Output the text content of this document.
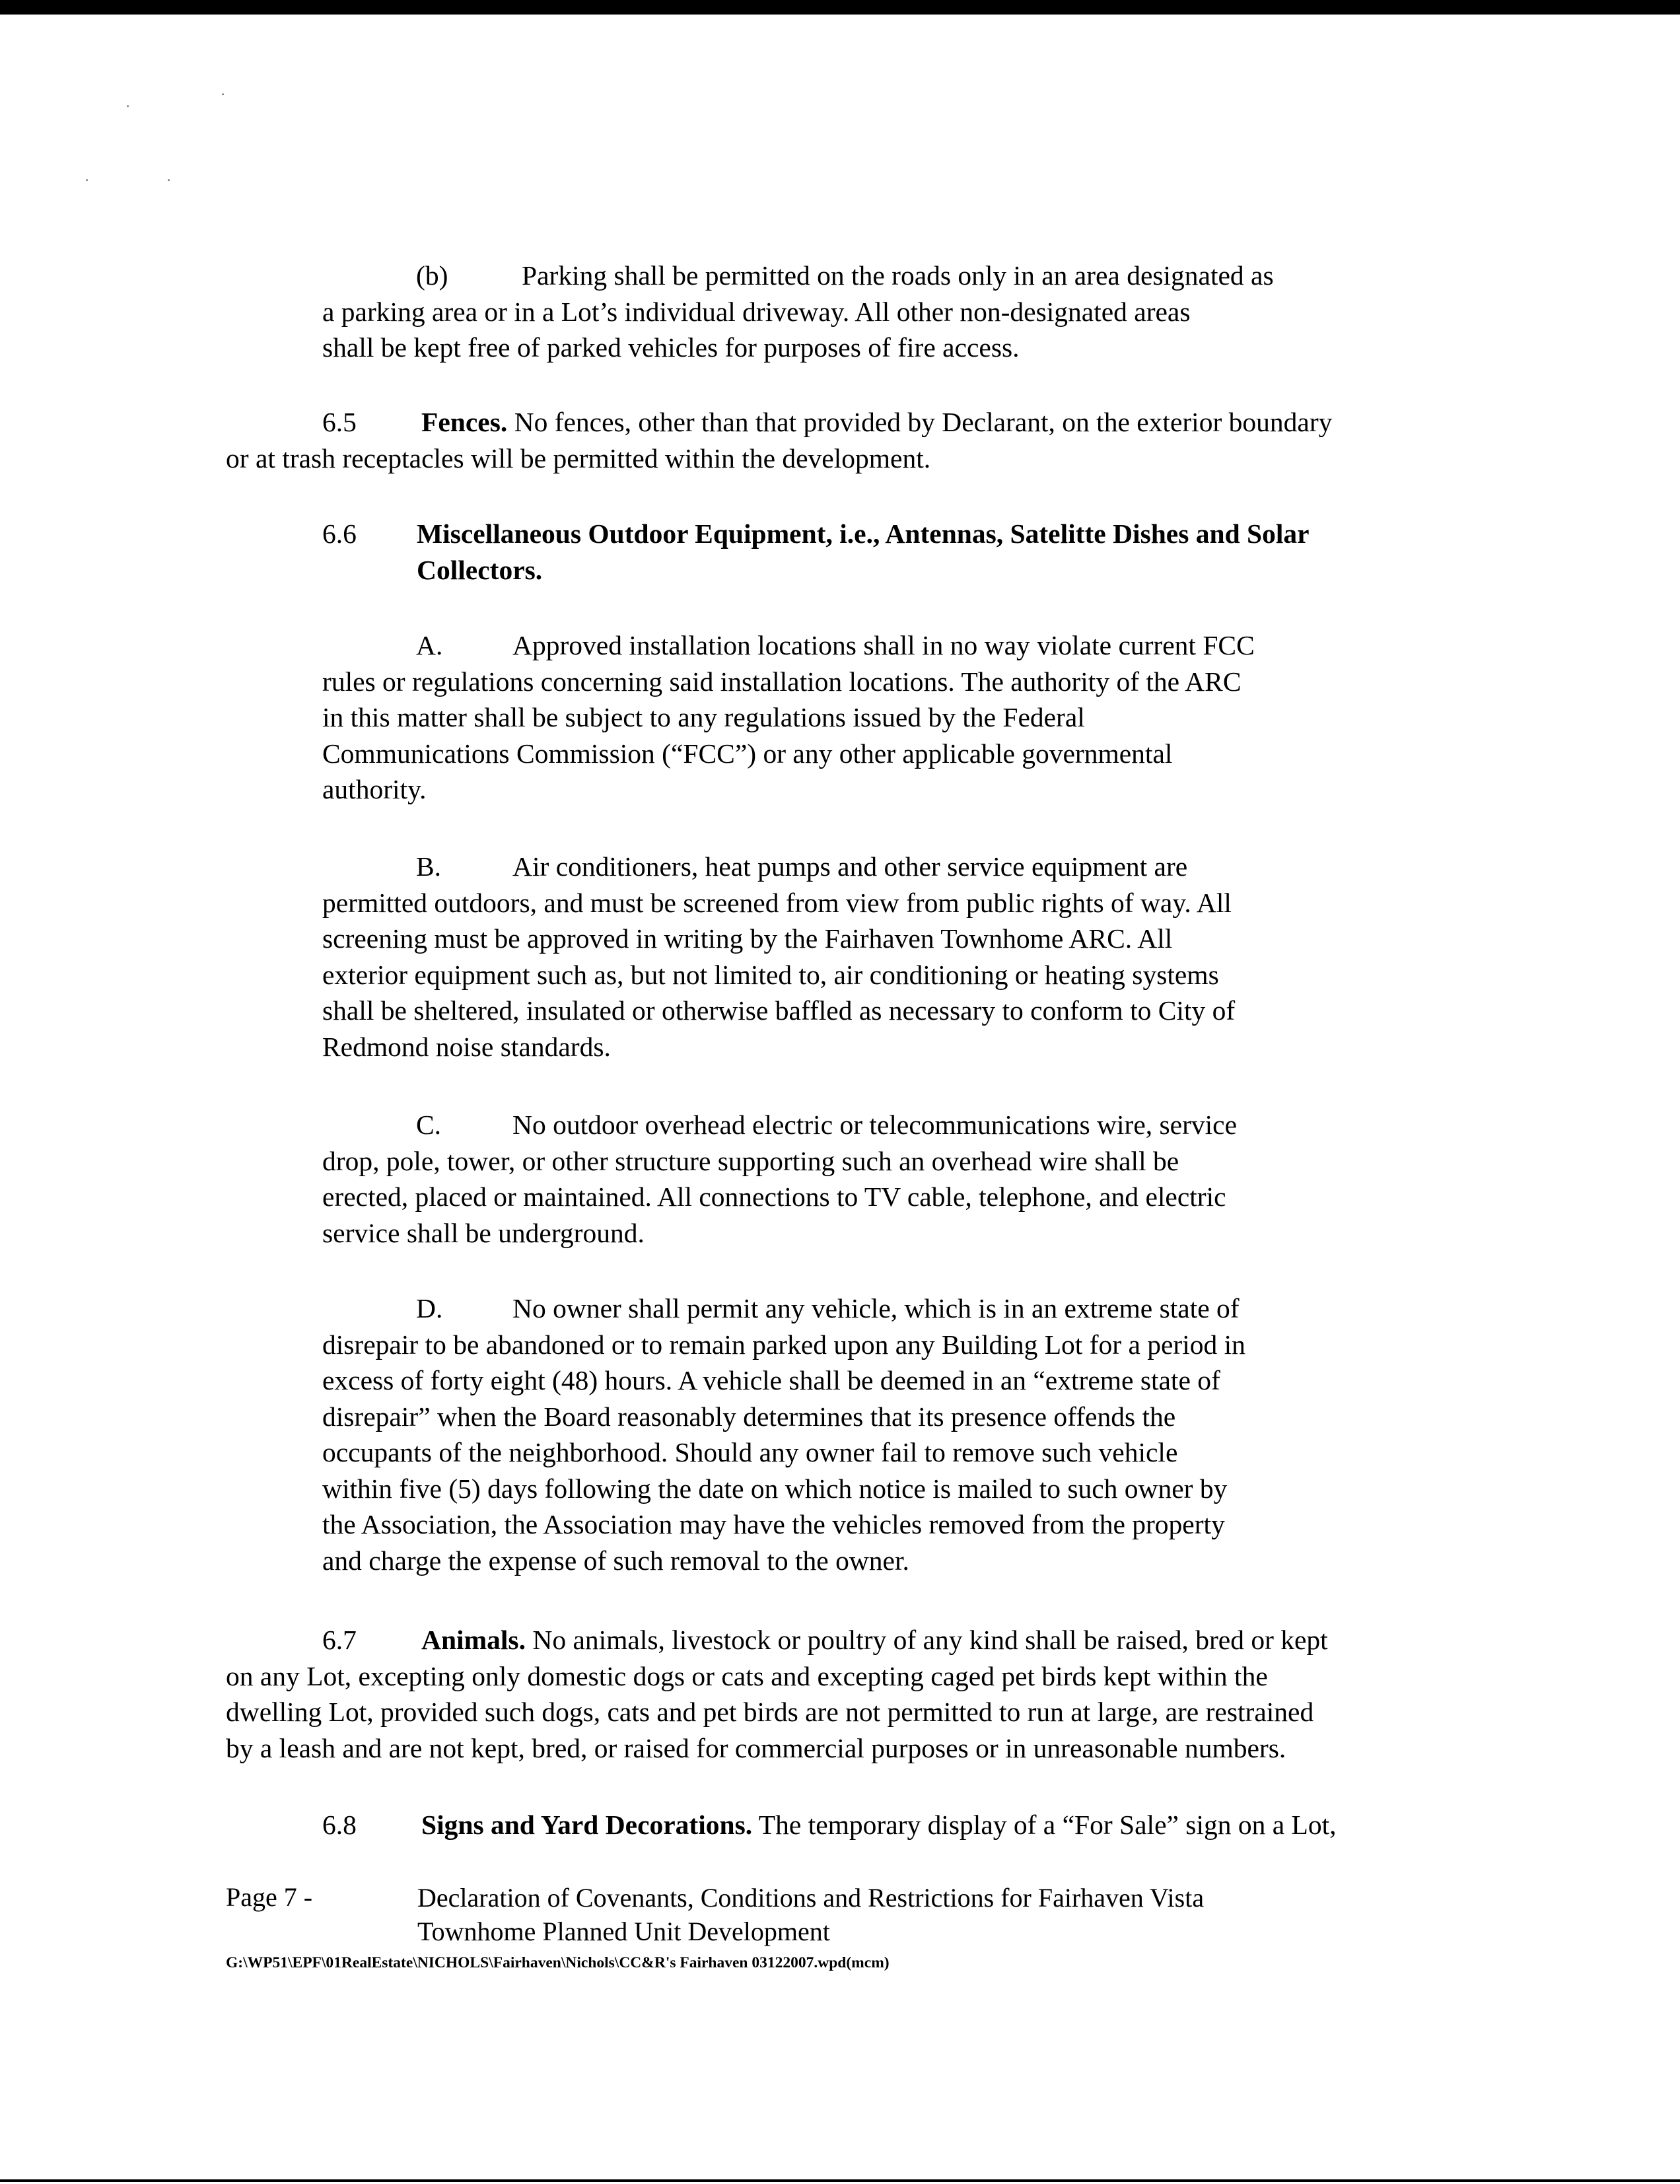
·
·
·	·
(b)	Parking shall be permitted on the roads only in an area designated as
a parking area or in a Lot’s individual driveway. All other non-designated areas
shall be kept free of parked vehicles for purposes of fire access.
6.5 Fences. No fences, other than that provided by Declarant, on the exterior boundary
or at trash receptacles will be permitted within the development.
6.6 Miscellaneous Outdoor Equipment, i.e., Antennas, Satelitte Dishes and Solar
Collectors.
A.	Approved installation locations shall in no way violate current FCC
rules or regulations concerning said installation locations. The authority of the ARC
in this matter shall be subject to any regulations issued by the Federal
Communications Commission (“FCC”) or any other applicable governmental
authority.
B.	Air conditioners, heat pumps and other service equipment are
permitted outdoors, and must be screened from view from public rights of way. All
screening must be approved in writing by the Fairhaven Townhome ARC. All
exterior equipment such as, but not limited to, air conditioning or heating systems
shall be sheltered, insulated or otherwise baffled as necessary to conform to City of
Redmond noise standards.
C.	No outdoor overhead electric or telecommunications wire, service
drop, pole, tower, or other structure supporting such an overhead wire shall be
erected, placed or maintained. All connections to TV cable, telephone, and electric
service shall be underground.
D.	No owner shall permit any vehicle, which is in an extreme state of
disrepair to be abandoned or to remain parked upon any Building Lot for a period in
excess of forty eight (48) hours. A vehicle shall be deemed in an “extreme state of
disrepair” when the Board reasonably determines that its presence offends the
occupants of the neighborhood. Should any owner fail to remove such vehicle
within five (5) days following the date on which notice is mailed to such owner by
the Association, the Association may have the vehicles removed from the property
and charge the expense of such removal to the owner.
6.7 Animals. No animals, livestock or poultry of any kind shall be raised, bred or kept
on any Lot, excepting only domestic dogs or cats and excepting caged pet birds kept within the
dwelling Lot, provided such dogs, cats and pet birds are not permitted to run at large, are restrained
by a leash and are not kept, bred, or raised for commercial purposes or in unreasonable numbers.
6.8 Signs and Yard Decorations. The temporary display of a “For Sale” sign on a Lot,
Page 7 -	Declaration of Covenants, Conditions and Restrictions for Fairhaven Vista
Townhome Planned Unit Development
G:\WP51\EPF\01RealEstate\NICHOLS\Fairhaven\Nichols\CC&R's Fairhaven 03122007.wpd(mcm)
